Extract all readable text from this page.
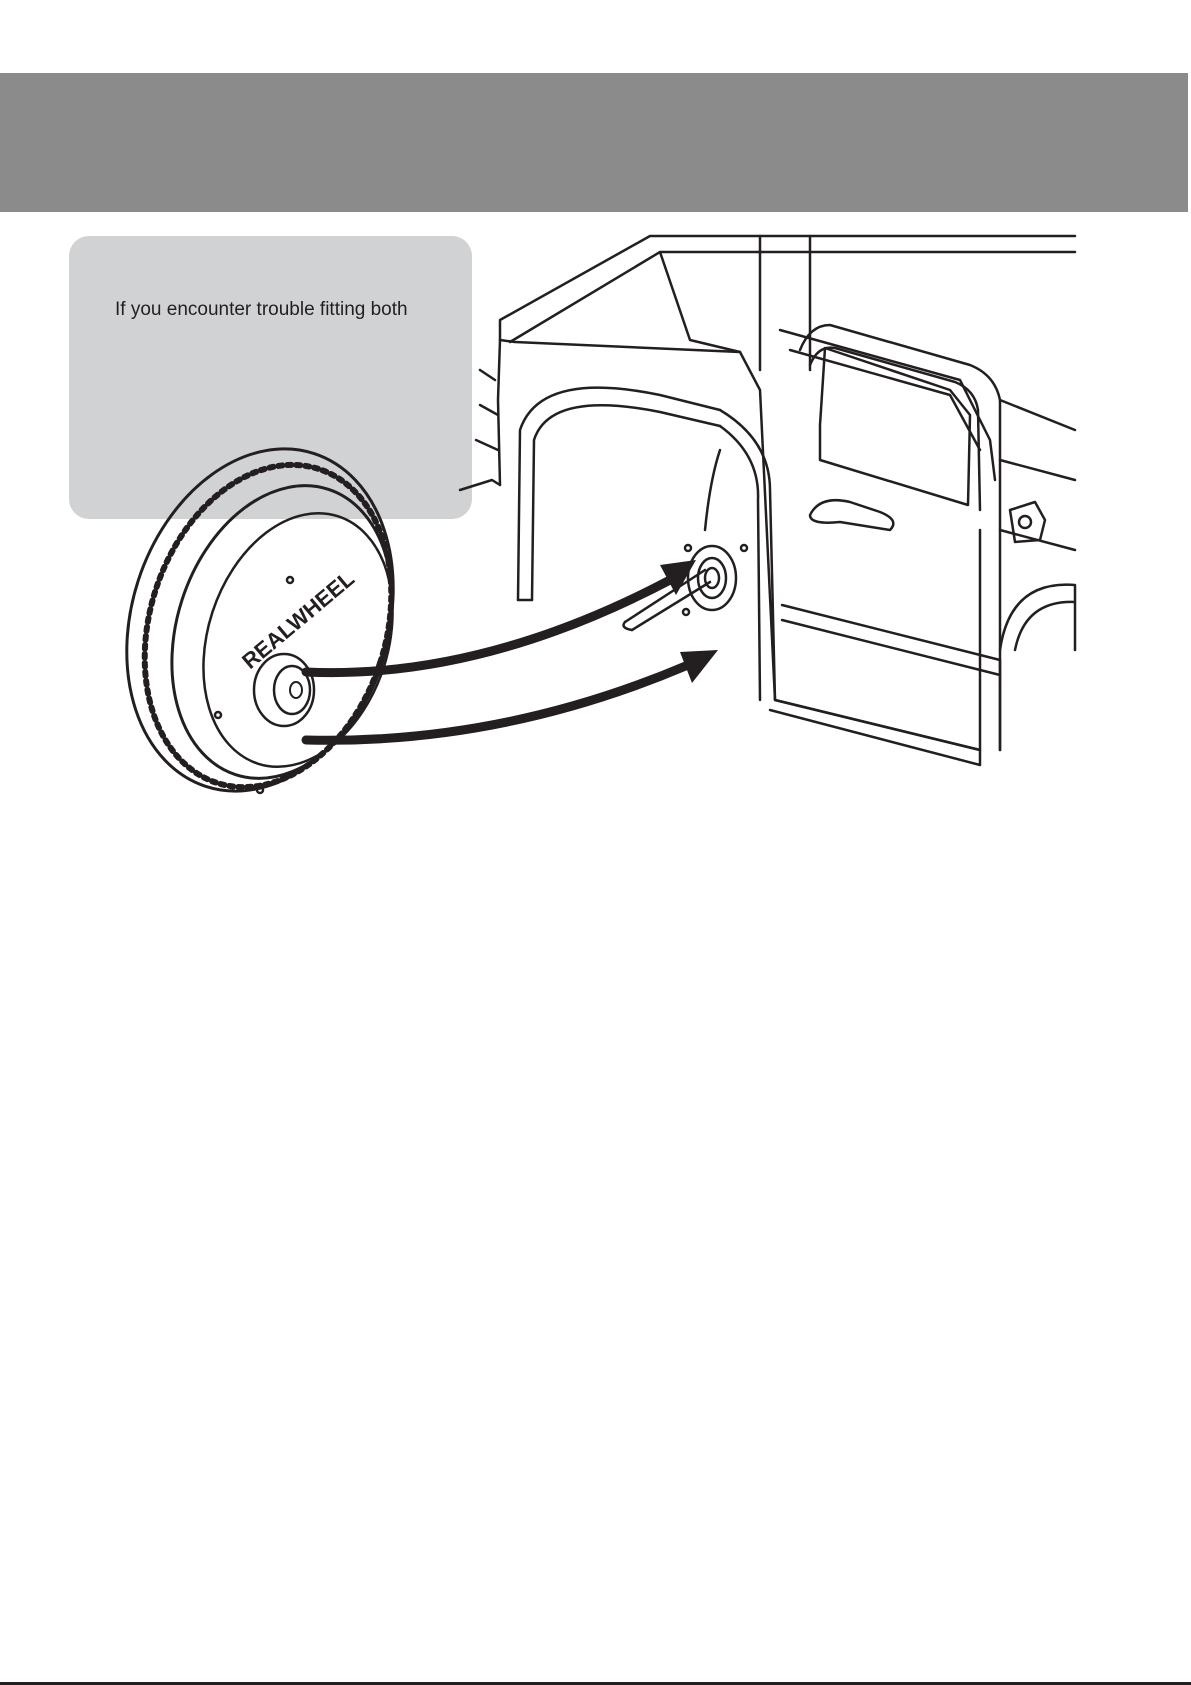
If you encounter trouble fitting both
REALWHEEL
